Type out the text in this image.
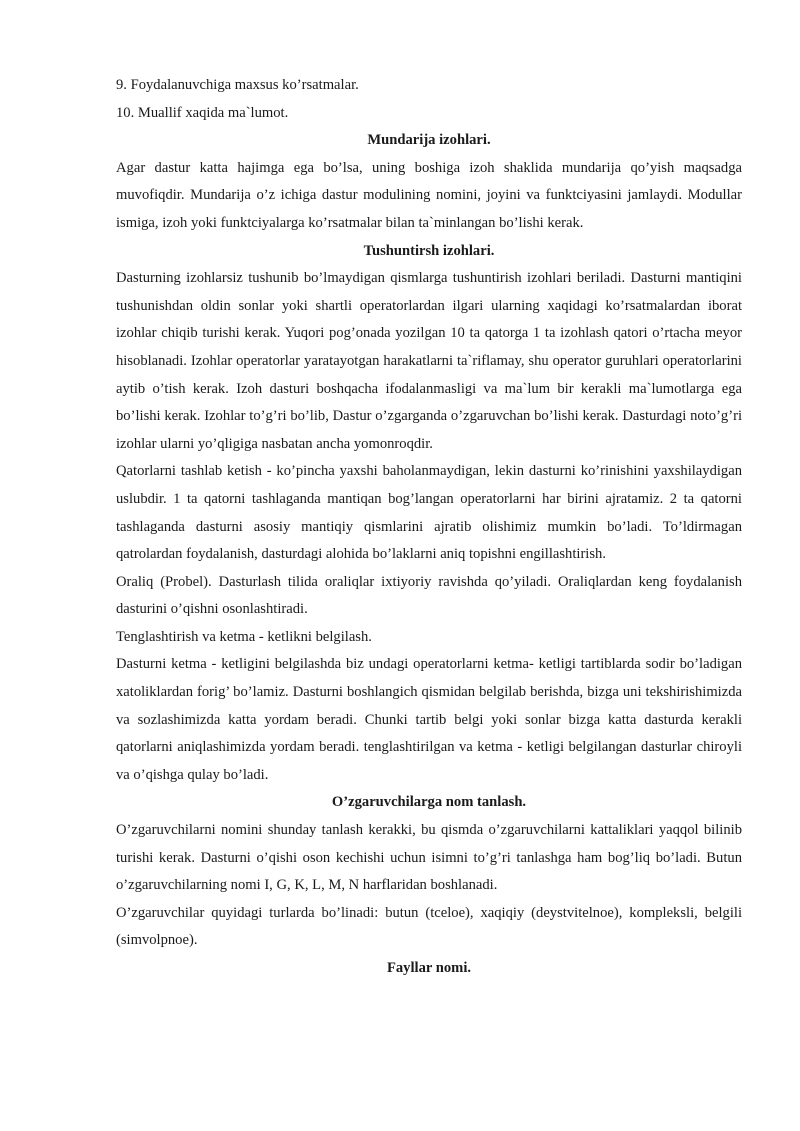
9. Foydalanuvchiga maxsus ko’rsatmalar.

10. Muallif xaqida ma`lumot.

Mundarija izohlari.

Agar dastur katta hajimga ega bo’lsa, uning boshiga izoh shaklida mundarija qo’yish maqsadga muvofiqdir. Mundarija o’z ichiga dastur modulining nomini, joyini va funktciyasini jamlaydi. Modullar ismiga, izoh yoki funktciyalarga ko’rsatmalar bilan ta`minlangan bo’lishi kerak.

Tushuntirsh izohlari.

Dasturning izohlarsiz tushunib bo’lmaydigan qismlarga tushuntirish izohlari beriladi. Dasturni mantiqini tushunishdan oldin sonlar yoki shartli operatorlardan ilgari ularning xaqidagi ko’rsatmalardan iborat izohlar chiqib turishi kerak. Yuqori pog’onada yozilgan 10 ta qatorga 1 ta izohlash qatori o’rtacha meyor hisoblanadi. Izohlar operatorlar yaratayotgan harakatlarni ta`riflamay, shu operator guruhlari operatorlarini aytib o’tish kerak. Izoh dasturi boshqacha ifodalanmasligi va ma`lum bir kerakli ma`lumotlarga ega bo’lishi kerak. Izohlar to’g’ri bo’lib, Dastur o’zgarganda o’zgaruvchan bo’lishi kerak. Dasturdagi noto’g’ri izohlar ularni yo’qligiga nasbatan ancha yomonroqdir.

Qatorlarni tashlab ketish - ko’pincha yaxshi baholanmaydigan, lekin dasturni ko’rinishini yaxshilaydigan uslubdir. 1 ta qatorni tashlaganda mantiqan bog’langan operatorlarni har birini ajratamiz. 2 ta qatorni tashlaganda dasturni asosiy mantiqiy qismlarini ajratib olishimiz mumkin bo’ladi. To’ldirmagan qatrolardan foydalanish, dasturdagi alohida bo’laklarni aniq topishni engillashtirish.

Oraliq (Probel). Dasturlash tilida oraliqlar ixtiyoriy ravishda qo’yiladi. Oraliqlardan keng foydalanish dasturini o’qishni osonlashtiradi.

Tenglashtirish va ketma - ketlikni belgilash.

Dasturni ketma - ketligini belgilashda biz undagi operatorlarni ketma- ketligi tartiblarda sodir bo’ladigan xatoliklardan forig’ bo’lamiz. Dasturni boshlangich qismidan belgilab berishda, bizga uni tekshirishimizda va sozlashimizda katta yordam beradi. Chunki tartib belgi yoki sonlar bizga katta dasturda kerakli qatorlarni aniqlashimizda yordam beradi. tenglashtirilgan va ketma - ketligi belgilangan dasturlar chiroyli va o’qishga qulay bo’ladi.

O’zgaruvchilarga nom tanlash.

O’zgaruvchilarni nomini shunday tanlash kerakki, bu qismda o’zgaruvchilarni kattaliklari yaqqol bilinib turishi kerak. Dasturni o’qishi oson kechishi uchun isimni to’g’ri tanlashga ham bog’liq bo’ladi. Butun o’zgaruvchilarning nomi I, G, K, L, M, N harflaridan boshlanadi.

O’zgaruvchilar quyidagi turlarda bo’linadi: butun (tceloe), xaqiqiy (deystvitelnoe), kompleksli, belgili (simvolpnoe).

Fayllar nomi.
